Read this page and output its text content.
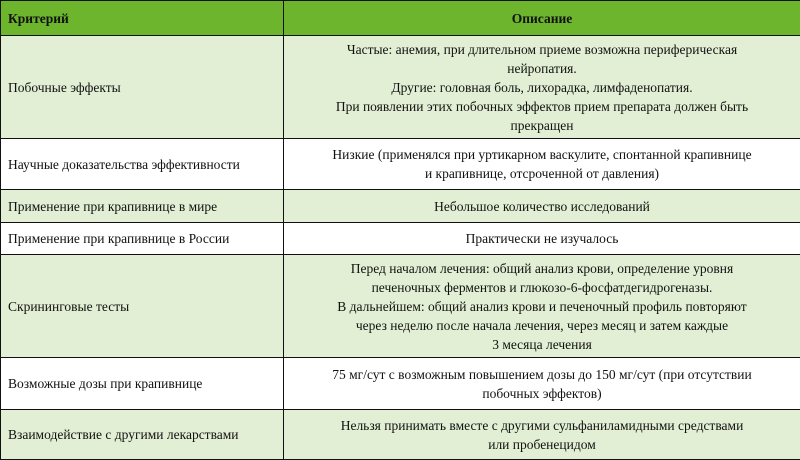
Критерий	Описание
Побочные эффекты	Частые: анемия, при длительном приеме возможна периферическая
нейропатия.
Другие: головная боль, лихорадка, лимфаденопатия.
При появлении этих побочных эффектов прием препарата должен быть
прекращен

Научные доказательства эффективности	Низкие (применялся при уртикарном васкулите, спонтанной крапивнице
и крапивнице, отсроченной от давления)

Применение при крапивнице в мире	Небольшое количество исследований

Применение при крапивнице в России	Практически не изучалось

Скрининговые тесты	Перед началом лечения: общий анализ крови, определение уровня
печеночных ферментов и глюкозо-6-фосфатдегидрогеназы.
В дальнейшем: общий анализ крови и печеночный профиль повторяют
через неделю после начала лечения, через месяц и затем каждые
3 месяца лечения

Возможные дозы при крапивнице	75 мг/сут с возможным повышением дозы до 150 мг/сут (при отсутствии
побочных эффектов)

Взаимодействие с другими лекарствами	Нельзя принимать вместе с другими сульфаниламидными средствами
или пробенецидом
